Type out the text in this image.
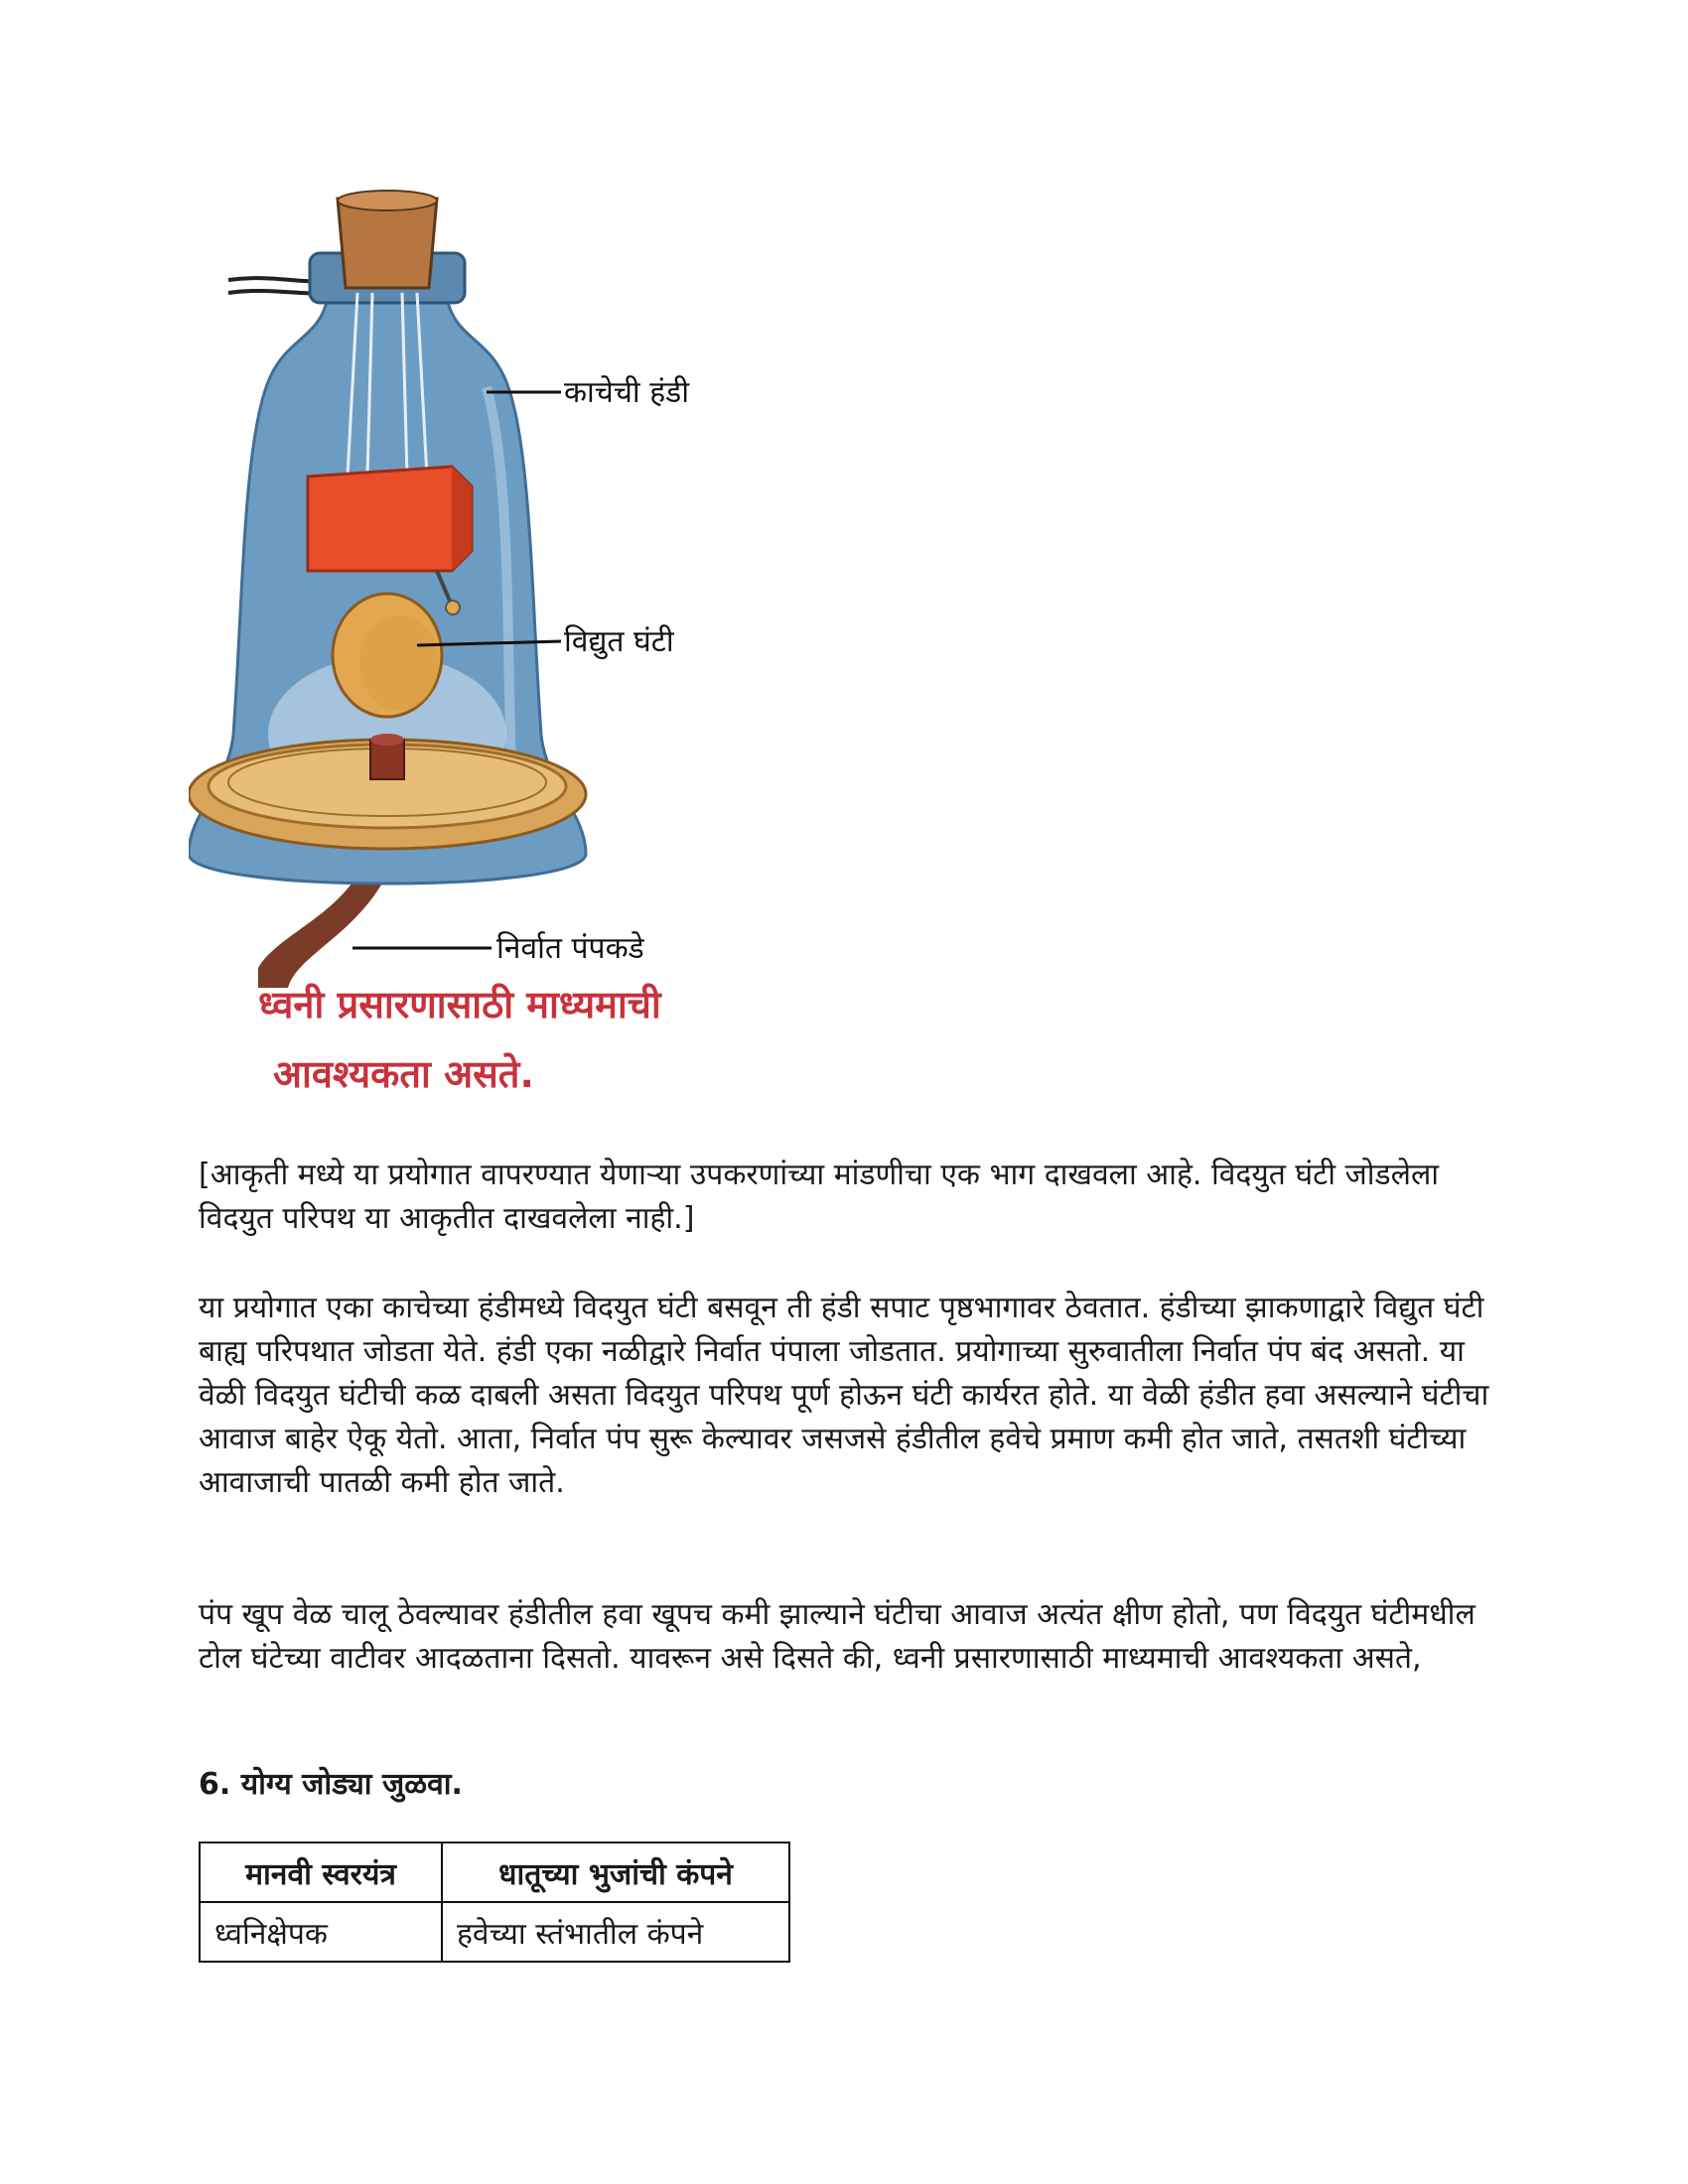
काचेची हंडी
विद्युत घंटी
निर्वात पंपकडे
ध्वनी प्रसारणासाठी माध्यमाची
आवश्यकता असते.

[आकृती मध्ये या प्रयोगात वापरण्यात येणाऱ्या उपकरणांच्या मांडणीचा एक भाग दाखवला आहे. विदयुत घंटी जोडलेला विदयुत परिपथ या आकृतीत दाखवलेला नाही.]

या प्रयोगात एका काचेच्या हंडीमध्ये विदयुत घंटी बसवून ती हंडी सपाट पृष्ठभागावर ठेवतात. हंडीच्या झाकणाद्वारे विद्युत घंटी बाह्य परिपथात जोडता येते. हंडी एका नळीद्वारे निर्वात पंपाला जोडतात. प्रयोगाच्या सुरुवातीला निर्वात पंप बंद असतो. या वेळी विदयुत घंटीची कळ दाबली असता विदयुत परिपथ पूर्ण होऊन घंटी कार्यरत होते. या वेळी हंडीत हवा असल्याने घंटीचा आवाज बाहेर ऐकू येतो. आता, निर्वात पंप सुरू केल्यावर जसजसे हंडीतील हवेचे प्रमाण कमी होत जाते, तसतशी घंटीच्या आवाजाची पातळी कमी होत जाते.

पंप खूप वेळ चालू ठेवल्यावर हंडीतील हवा खूपच कमी झाल्याने घंटीचा आवाज अत्यंत क्षीण होतो, पण विदयुत घंटीमधील टोल घंटेच्या वाटीवर आदळताना दिसतो. यावरून असे दिसते की, ध्वनी प्रसारणासाठी माध्यमाची आवश्यकता असते,

6. योग्य जोड्या जुळवा.
मानवी स्वरयंत्र	धातूच्या भुजांची कंपने
ध्वनिक्षेपक	हवेच्या स्तंभातील कंपने
